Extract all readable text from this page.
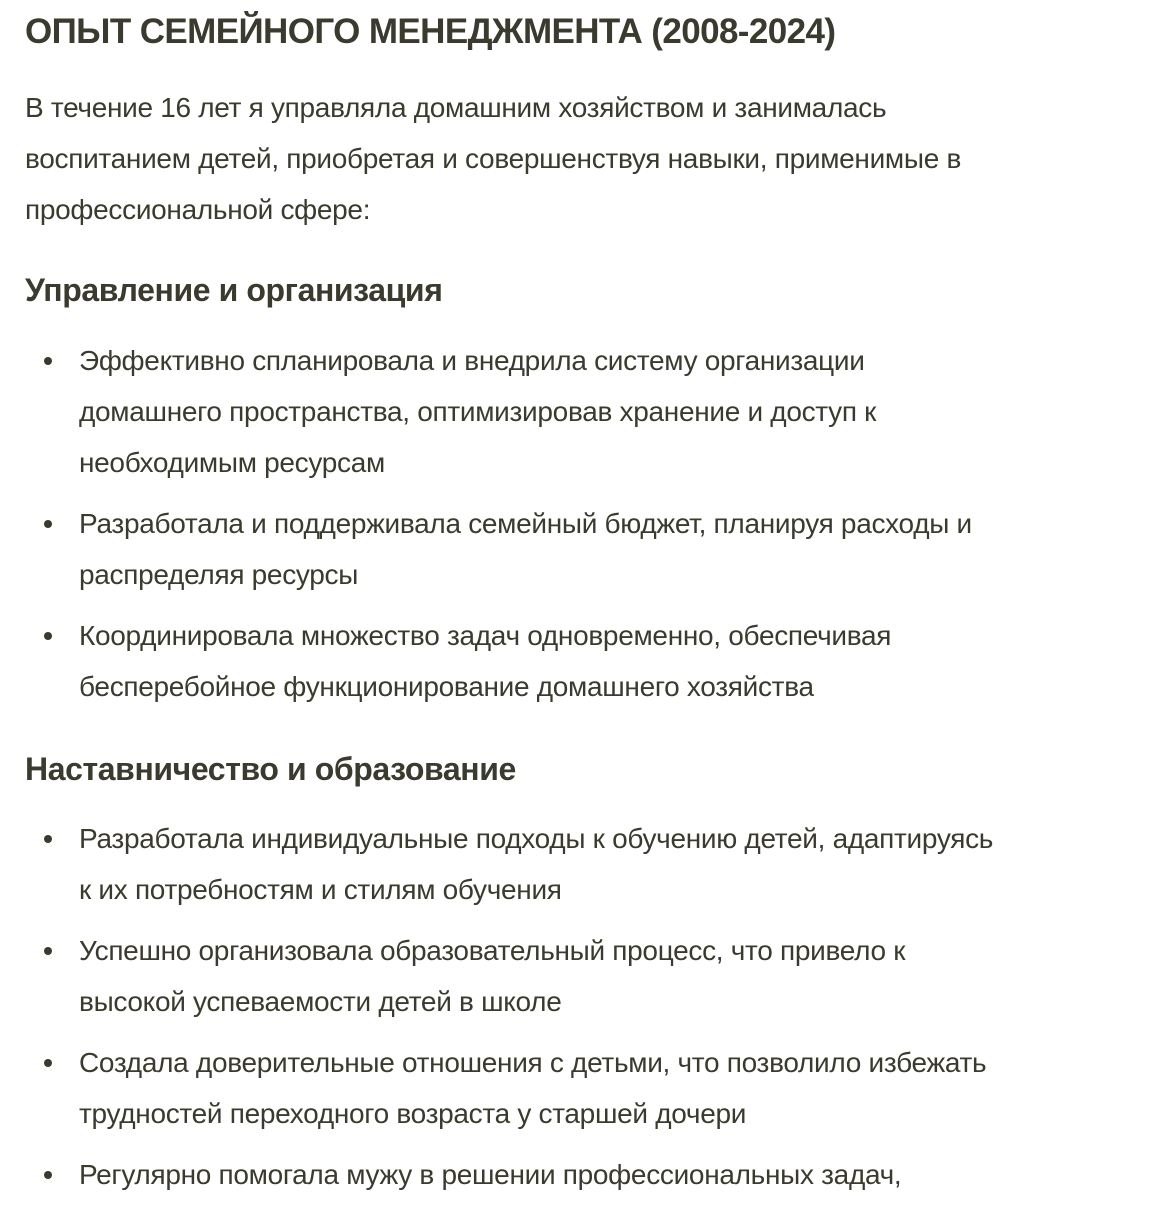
ОПЫТ СЕМЕЙНОГО МЕНЕДЖМЕНТА (2008-2024)
В течение 16 лет я управляла домашним хозяйством и занималась
воспитанием детей, приобретая и совершенствуя навыки, применимые в
профессиональной сфере:
Управление и организация
Эффективно спланировала и внедрила систему организации
домашнего пространства, оптимизировав хранение и доступ к
необходимым ресурсам
Разработала и поддерживала семейный бюджет, планируя расходы и
распределяя ресурсы
Координировала множество задач одновременно, обеспечивая
бесперебойное функционирование домашнего хозяйства
Наставничество и образование
Разработала индивидуальные подходы к обучению детей, адаптируясь
к их потребностям и стилям обучения
Успешно организовала образовательный процесс, что привело к
высокой успеваемости детей в школе
Создала доверительные отношения с детьми, что позволило избежать
трудностей переходного возраста у старшей дочери
Регулярно помогала мужу в решении профессиональных задач,
